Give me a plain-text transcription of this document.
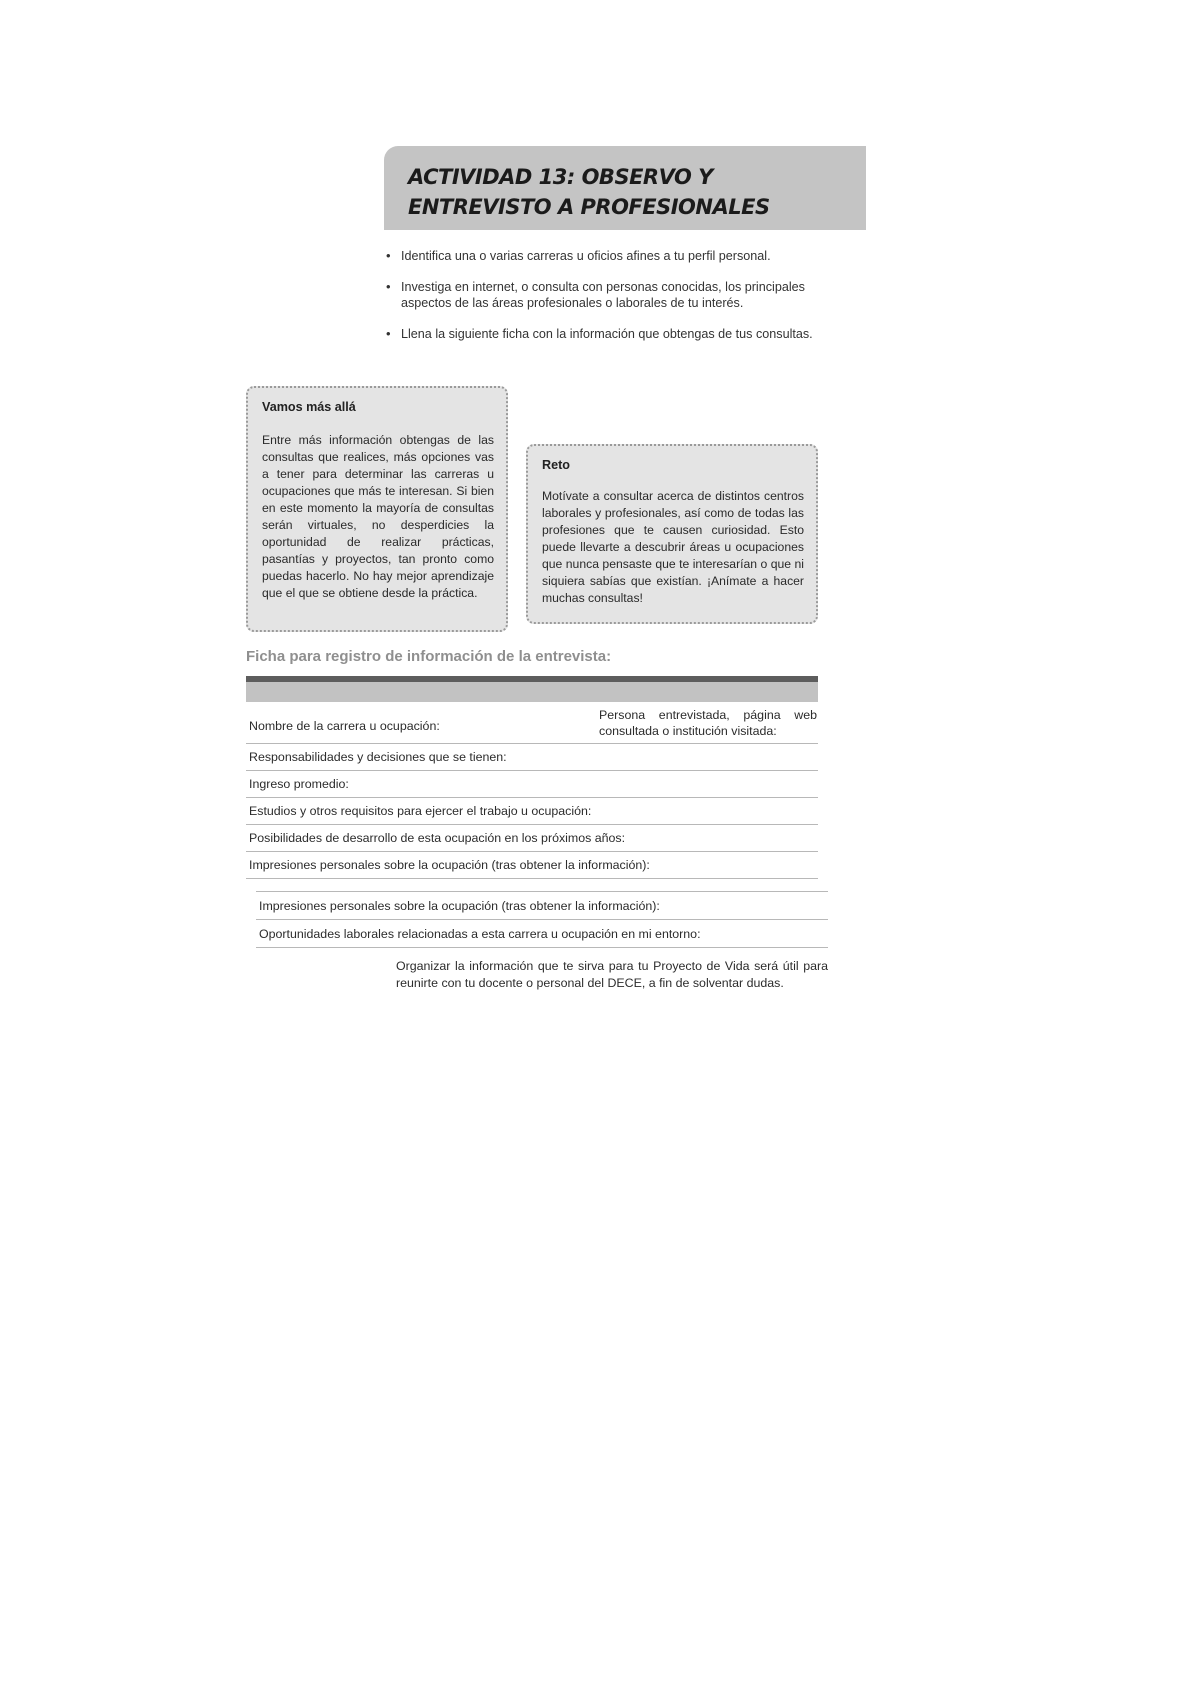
ACTIVIDAD 13: OBSERVO Y
ENTREVISTO A PROFESIONALES
• Identifica una o varias carreras u oficios afines a tu perfil personal.
• Investiga en internet, o consulta con personas conocidas, los principales aspectos de las áreas profesionales o laborales de tu interés.
• Llena la siguiente ficha con la información que obtengas de tus consultas.

Vamos más allá

Entre más información obtengas de las consultas que realices, más opciones vas a tener para determinar las carreras u ocupaciones que más te interesan. Si bien en este momento la mayoría de consultas serán virtuales, no desperdicies la oportunidad de realizar prácticas, pasantías y proyectos, tan pronto como puedas hacerlo. No hay mejor aprendizaje que el que se obtiene desde la práctica.

Reto

Motívate a consultar acerca de distintos centros laborales y profesionales, así como de todas las profesiones que te causen curiosidad. Esto puede llevarte a descubrir áreas u ocupaciones que nunca pensaste que te interesarían o que ni siquiera sabías que existían. ¡Anímate a hacer muchas consultas!

Ficha para registro de información de la entrevista:
Nombre de la carrera u ocupación:
Persona entrevistada, página web consultada o institución visitada:
Responsabilidades y decisiones que se tienen:
Ingreso promedio:
Estudios y otros requisitos para ejercer el trabajo u ocupación:
Posibilidades de desarrollo de esta ocupación en los próximos años:
Impresiones personales sobre la ocupación (tras obtener la información):
Impresiones personales sobre la ocupación (tras obtener la información):
Oportunidades laborales relacionadas a esta carrera u ocupación en mi entorno:

Organizar la información que te sirva para tu Proyecto de Vida será útil para reunirte con tu docente o personal del DECE, a fin de solventar dudas.
